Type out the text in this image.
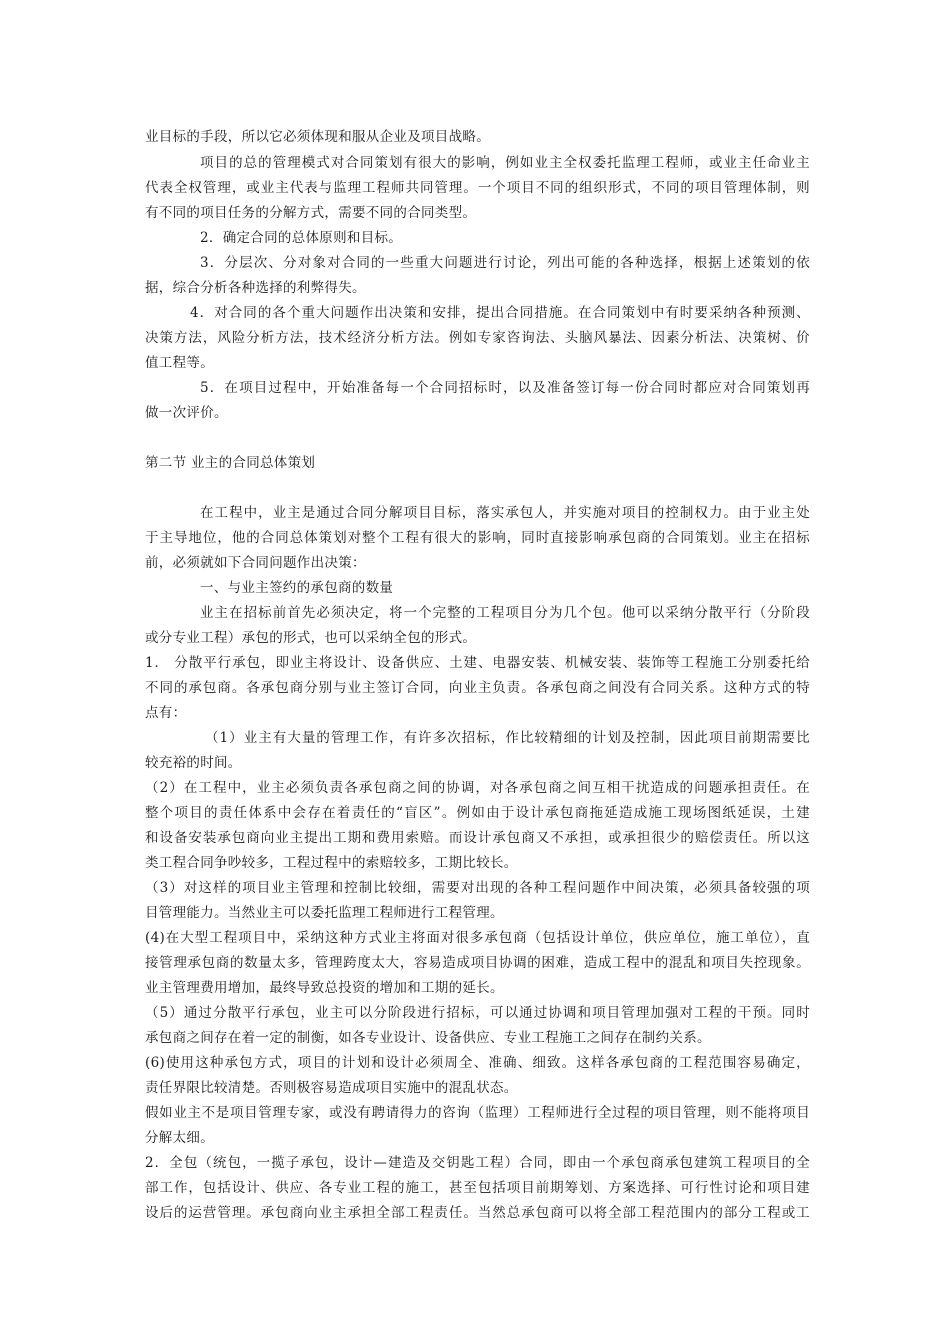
业目标的手段，所以它必须体现和服从企业及项目战略。
项目的总的管理模式对合同策划有很大的影响，例如业主全权委托监理工程师，或业主任命业主
代表全权管理，或业主代表与监理工程师共同管理。一个项目不同的组织形式，不同的项目管理体制，则
有不同的项目任务的分解方式，需要不同的合同类型。
2．确定合同的总体原则和目标。
3．分层次、分对象对合同的一些重大问题进行讨论，列出可能的各种选择，根据上述策划的依
据，综合分析各种选择的利弊得失。
4．对合同的各个重大问题作出决策和安排，提出合同措施。在合同策划中有时要采纳各种预测、
决策方法，风险分析方法，技术经济分析方法。例如专家咨询法、头脑风暴法、因素分析法、决策树、价
值工程等。
5．在项目过程中，开始准备每一个合同招标时，以及准备签订每一份合同时都应对合同策划再
做一次评价。
第二节 业主的合同总体策划
在工程中，业主是通过合同分解项目目标，落实承包人，并实施对项目的控制权力。由于业主处
于主导地位，他的合同总体策划对整个工程有很大的影响，同时直接影响承包商的合同策划。业主在招标
前，必须就如下合同问题作出决策：
一、与业主签约的承包商的数量
业主在招标前首先必须决定，将一个完整的工程项目分为几个包。他可以采纳分散平行（分阶段
或分专业工程）承包的形式，也可以采纳全包的形式。
1． 分散平行承包，即业主将设计、设备供应、土建、电器安装、机械安装、装饰等工程施工分别委托给
不同的承包商。各承包商分别与业主签订合同，向业主负责。各承包商之间没有合同关系。这种方式的特
点有：
（1）业主有大量的管理工作，有许多次招标，作比较精细的计划及控制，因此项目前期需要比
较充裕的时间。
（2）在工程中，业主必须负责各承包商之间的协调，对各承包商之间互相干扰造成的问题承担责任。在
整个项目的责任体系中会存在着责任的“盲区”。例如由于设计承包商拖延造成施工现场图纸延误，土建
和设备安装承包商向业主提出工期和费用索赔。而设计承包商又不承担，或承担很少的赔偿责任。所以这
类工程合同争吵较多，工程过程中的索赔较多，工期比较长。
（3）对这样的项目业主管理和控制比较细，需要对出现的各种工程问题作中间决策，必须具备较强的项
目管理能力。当然业主可以委托监理工程师进行工程管理。
(4)在大型工程项目中，采纳这种方式业主将面对很多承包商（包括设计单位，供应单位，施工单位），直
接管理承包商的数量太多，管理跨度太大，容易造成项目协调的困难，造成工程中的混乱和项目失控现象。
业主管理费用增加，最终导致总投资的增加和工期的延长。
（5）通过分散平行承包，业主可以分阶段进行招标，可以通过协调和项目管理加强对工程的干预。同时
承包商之间存在着一定的制衡，如各专业设计、设备供应、专业工程施工之间存在制约关系。
(6)使用这种承包方式，项目的计划和设计必须周全、准确、细致。这样各承包商的工程范围容易确定，
责任界限比较清楚。否则极容易造成项目实施中的混乱状态。
假如业主不是项目管理专家，或没有聘请得力的咨询（监理）工程师进行全过程的项目管理，则不能将项目
分解太细。
2．全包（统包，一揽子承包，设计—建造及交钥匙工程）合同，即由一个承包商承包建筑工程项目的全
部工作，包括设计、供应、各专业工程的施工，甚至包括项目前期筹划、方案选择、可行性讨论和项目建
设后的运营管理。承包商向业主承担全部工程责任。当然总承包商可以将全部工程范围内的部分工程或工
